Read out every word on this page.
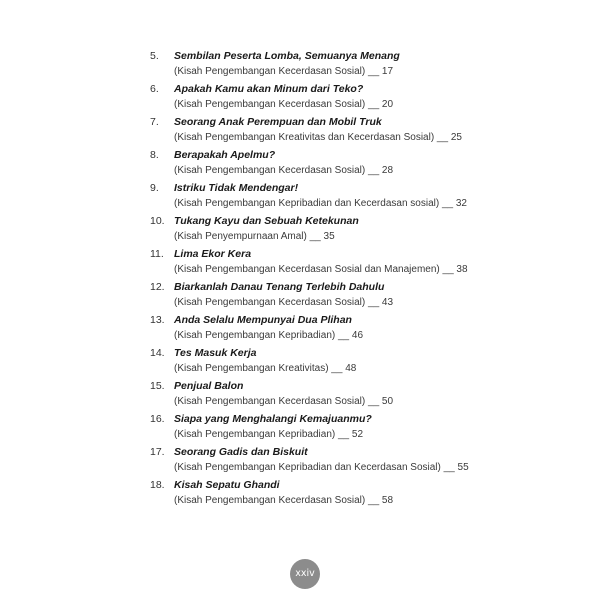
5.	Sembilan Peserta Lomba, Semuanya Menang
(Kisah Pengembangan Kecerdasan Sosial) __ 17
6.	Apakah Kamu akan Minum dari Teko?
(Kisah Pengembangan Kecerdasan Sosial) __ 20
7.	Seorang Anak Perempuan dan Mobil Truk
(Kisah Pengembangan Kreativitas dan Kecerdasan Sosial) __ 25
8.	Berapakah Apelmu?
(Kisah Pengembangan Kecerdasan Sosial) __ 28
9.	Istriku Tidak Mendengar!
(Kisah Pengembangan Kepribadian dan Kecerdasan sosial) __ 32
10. Tukang Kayu dan Sebuah Ketekunan
(Kisah Penyempurnaan Amal) __ 35
11. Lima Ekor Kera
(Kisah Pengembangan Kecerdasan Sosial dan Manajemen) __ 38
12. Biarkanlah Danau Tenang Terlebih Dahulu
(Kisah Pengembangan Kecerdasan Sosial) __ 43
13. Anda Selalu Mempunyai Dua Plihan
(Kisah Pengembangan Kepribadian) __ 46
14. Tes Masuk Kerja
(Kisah Pengembangan Kreativitas) __ 48
15. Penjual Balon
(Kisah Pengembangan Kecerdasan Sosial) __ 50
16. Siapa yang Menghalangi Kemajuanmu?
(Kisah Pengembangan Kepribadian) __ 52
17. Seorang Gadis dan Biskuit
(Kisah Pengembangan Kepribadian dan Kecerdasan Sosial) __ 55
18. Kisah Sepatu Ghandi
(Kisah Pengembangan Kecerdasan Sosial) __ 58
xxiv
